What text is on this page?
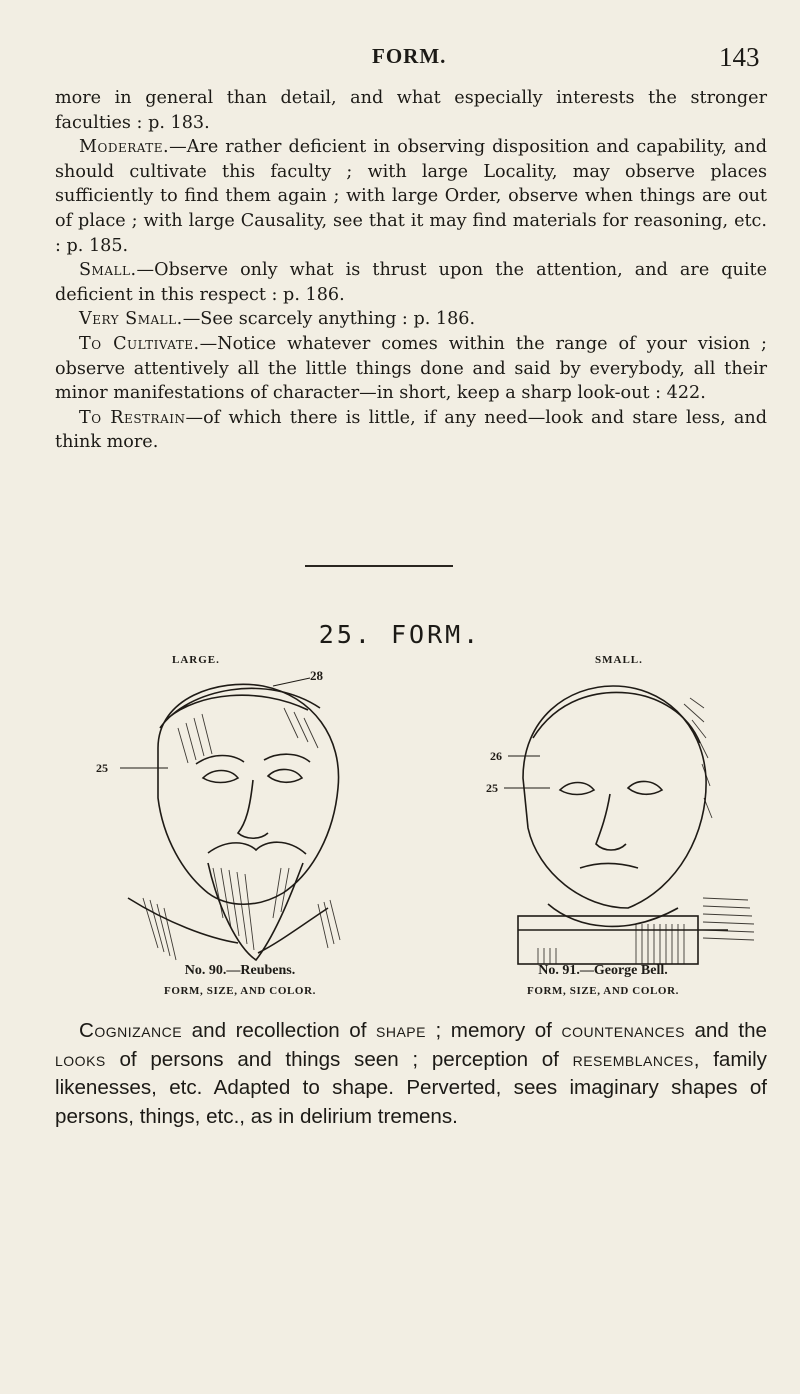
FORM.	143

more in general than detail, and what especially interests the stronger faculties : p. 183.

Moderate.—Are rather deficient in observing disposition and capability, and should cultivate this faculty ; with large Locality, may observe places sufficiently to find them again ; with large Order, observe when things are out of place ; with large Causality, see that it may find materials for reasoning, etc. : p. 185.

Small.—Observe only what is thrust upon the attention, and are quite deficient in this respect : p. 186.

Very Small.—See scarcely anything : p. 186.

To Cultivate.—Notice whatever comes within the range of your vision ; observe attentively all the little things done and said by everybody, all their minor manifestations of character—in short, keep a sharp look-out : 422.

To Restrain—of which there is little, if any need—look and stare less, and think more.

25. FORM.
LARGE.	SMALL.
28
25
26
25
No. 90.—Reubens.
FORM, SIZE, AND COLOR.
No. 91.—George Bell.
FORM, SIZE, AND COLOR.

Cognizance and recollection of shape ; memory of countenances and the looks of persons and things seen ; perception of resemblances, family likenesses, etc. Adapted to shape. Perverted, sees imaginary shapes of persons, things, etc., as in delirium tremens.
